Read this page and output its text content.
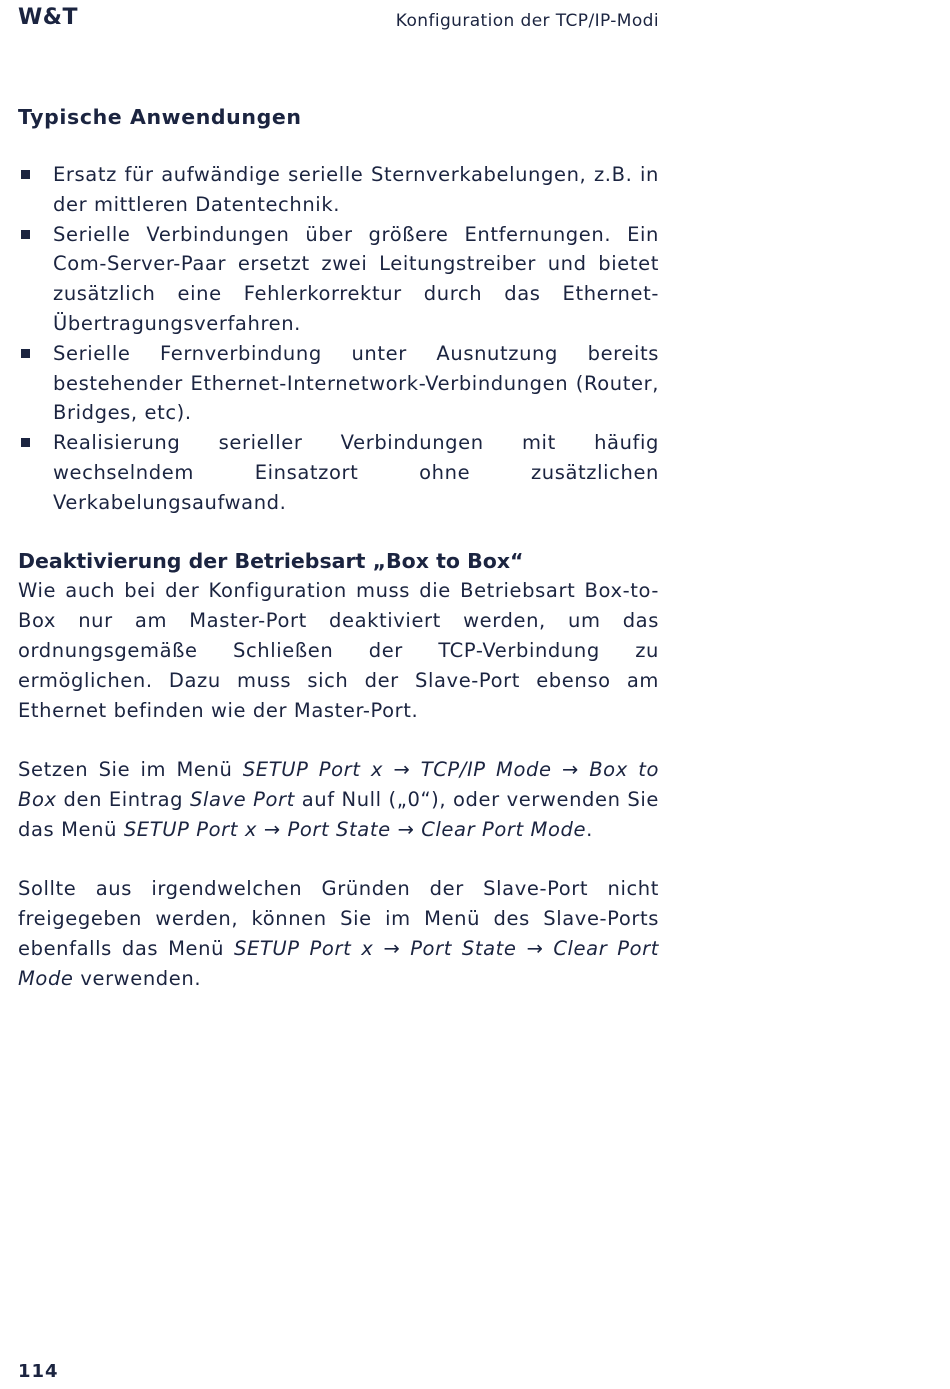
W&T	Konfiguration der TCP/IP-Modi
Typische Anwendungen
Ersatz für aufwändige serielle Sternverkabelungen, z.B. in der mittleren Datentechnik.
Serielle Verbindungen über größere Entfernungen. Ein Com-Server-Paar ersetzt zwei Leitungstreiber und bietet zusätzlich eine Fehlerkorrektur durch das Ethernet-Übertragungsverfahren.
Serielle Fernverbindung unter Ausnutzung bereits bestehender Ethernet-Internetwork-Verbindungen (Router, Bridges, etc).
Realisierung serieller Verbindungen mit häufig wechselndem Einsatzort ohne zusätzlichen Verkabelungsaufwand.
Deaktivierung der Betriebsart „Box to Box“

Wie auch bei der Konfiguration muss die Betriebsart Box-to-Box nur am Master-Port deaktiviert werden, um das ordnungsgemäße Schließen der TCP-Verbindung zu ermöglichen. Dazu muss sich der Slave-Port ebenso am Ethernet befinden wie der Master-Port.

Setzen Sie im Menü SETUP Port x → TCP/IP Mode → Box to Box den Eintrag Slave Port auf Null („0“), oder verwenden Sie das Menü SETUP Port x → Port State → Clear Port Mode.

Sollte aus irgendwelchen Gründen der Slave-Port nicht freigegeben werden, können Sie im Menü des Slave-Ports ebenfalls das Menü SETUP Port x → Port State → Clear Port Mode verwenden.

114
